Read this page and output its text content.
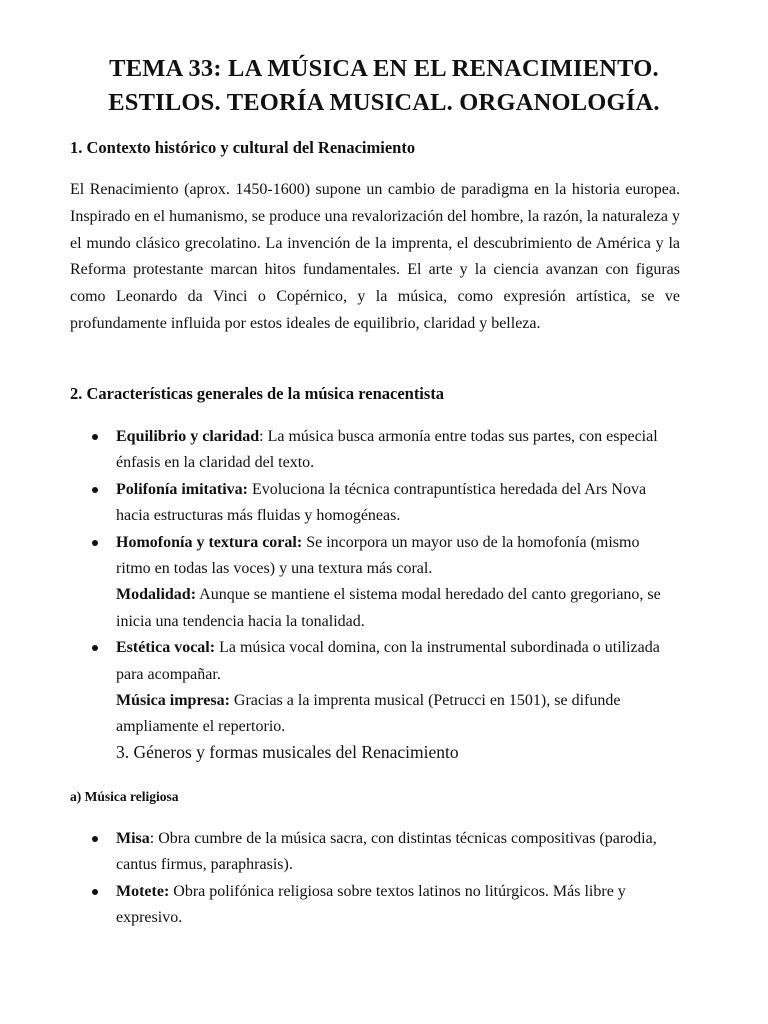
TEMA 33: LA MÚSICA EN EL RENACIMIENTO.
ESTILOS. TEORÍA MUSICAL. ORGANOLOGÍA.
1. Contexto histórico y cultural del Renacimiento
El Renacimiento (aprox. 1450-1600) supone un cambio de paradigma en la historia europea. Inspirado en el humanismo, se produce una revalorización del hombre, la razón, la naturaleza y el mundo clásico grecolatino. La invención de la imprenta, el descubrimiento de América y la Reforma protestante marcan hitos fundamentales. El arte y la ciencia avanzan con figuras como Leonardo da Vinci o Copérnico, y la música, como expresión artística, se ve profundamente influida por estos ideales de equilibrio, claridad y belleza.
2. Características generales de la música renacentista
Equilibrio y claridad: La música busca armonía entre todas sus partes, con especial énfasis en la claridad del texto.
Polifonía imitativa: Evoluciona la técnica contrapuntística heredada del Ars Nova hacia estructuras más fluidas y homogéneas.
Homofonía y textura coral: Se incorpora un mayor uso de la homofonía (mismo ritmo en todas las voces) y una textura más coral.
Modalidad: Aunque se mantiene el sistema modal heredado del canto gregoriano, se inicia una tendencia hacia la tonalidad.
Estética vocal: La música vocal domina, con la instrumental subordinada o utilizada para acompañar.
Música impresa: Gracias a la imprenta musical (Petrucci en 1501), se difunde ampliamente el repertorio.
3. Géneros y formas musicales del Renacimiento
a) Música religiosa
Misa: Obra cumbre de la música sacra, con distintas técnicas compositivas (parodia, cantus firmus, paraphrasis).
Motete: Obra polifónica religiosa sobre textos latinos no litúrgicos. Más libre y expresivo.
